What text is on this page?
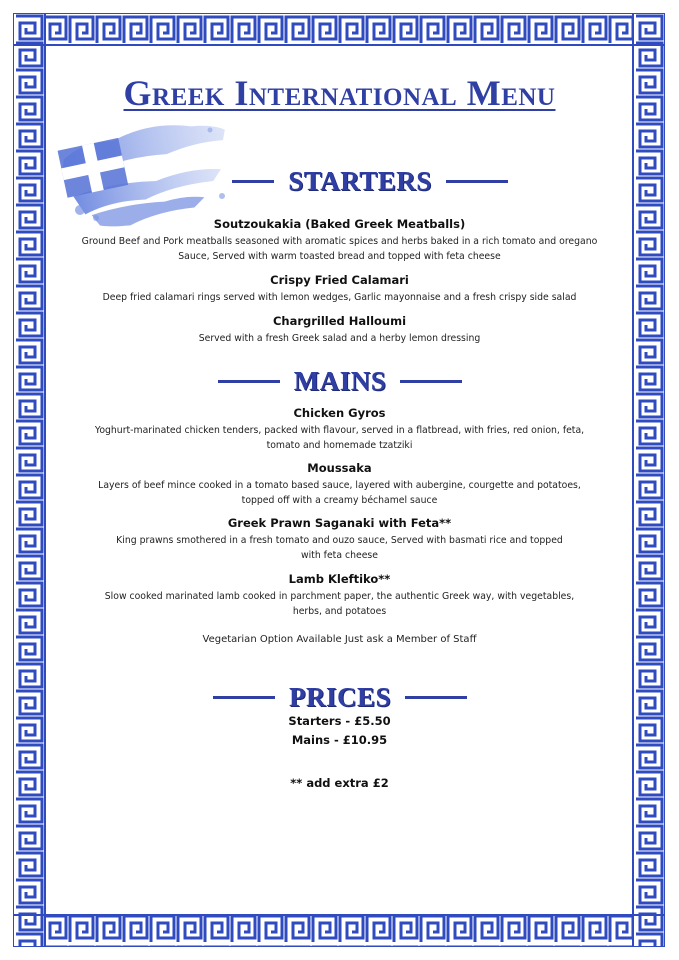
Greek International Menu
STARTERS
Soutzoukakia (Baked Greek Meatballs)
Ground Beef and Pork meatballs seasoned with aromatic spices and herbs baked in a rich tomato and oregano
Sauce, Served with warm toasted bread and topped with feta cheese
Crispy Fried Calamari
Deep fried calamari rings served with lemon wedges, Garlic mayonnaise and a fresh crispy side salad
Chargrilled Halloumi
Served with a fresh Greek salad and a herby lemon dressing
MAINS
Chicken Gyros
Yoghurt-marinated chicken tenders, packed with flavour, served in a flatbread, with fries, red onion, feta,
tomato and homemade tzatziki
Moussaka
Layers of beef mince cooked in a tomato based sauce, layered with aubergine, courgette and potatoes,
topped off with a creamy béchamel sauce
Greek Prawn Saganaki with Feta**
King prawns smothered in a fresh tomato and ouzo sauce, Served with basmati rice and topped
with feta cheese
Lamb Kleftiko**
Slow cooked marinated lamb cooked in parchment paper, the authentic Greek way, with vegetables,
herbs, and potatoes
Vegetarian Option Available Just ask a Member of Staff
PRICES
Starters - £5.50
Mains - £10.95
** add extra £2
